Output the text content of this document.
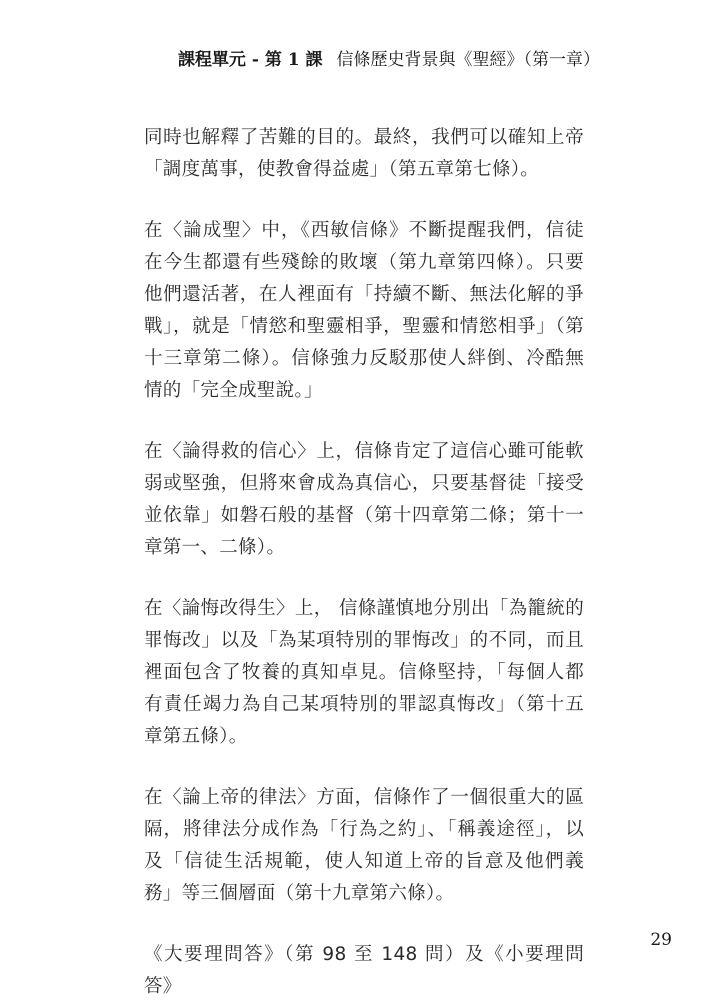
課程單元 - 第 1 課 信條歷史背景與《聖經》（第一章）

同時也解釋了苦難的目的。最終，我們可以確知上帝「調度萬事，使教會得益處」（第五章第七條）。

在〈論成聖〉中，《西敏信條》不斷提醒我們，信徒在今生都還有些殘餘的敗壞（第九章第四條）。只要他們還活著，在人裡面有「持續不斷、無法化解的爭戰」，就是「情慾和聖靈相爭，聖靈和情慾相爭」（第十三章第二條）。信條強力反駁那使人絆倒、冷酷無情的「完全成聖說。」

在〈論得救的信心〉上，信條肯定了這信心雖可能軟弱或堅強，但將來會成為真信心，只要基督徒「接受並依靠」如磐石般的基督（第十四章第二條；第十一章第一、二條）。

在〈論悔改得生〉上， 信條謹慎地分別出「為籠統的罪悔改」以及「為某項特別的罪悔改」的不同，而且裡面包含了牧養的真知卓見。信條堅持，「每個人都有責任竭力為自己某項特別的罪認真悔改」（第十五章第五條）。

在〈論上帝的律法〉方面，信條作了一個很重大的區隔，將律法分成作為「行為之約」、「稱義途徑」，以及「信徒生活規範，使人知道上帝的旨意及他們義務」等三個層面（第十九章第六條）。

《大要理問答》（第 98 至 148 問）及《小要理問答》

29
